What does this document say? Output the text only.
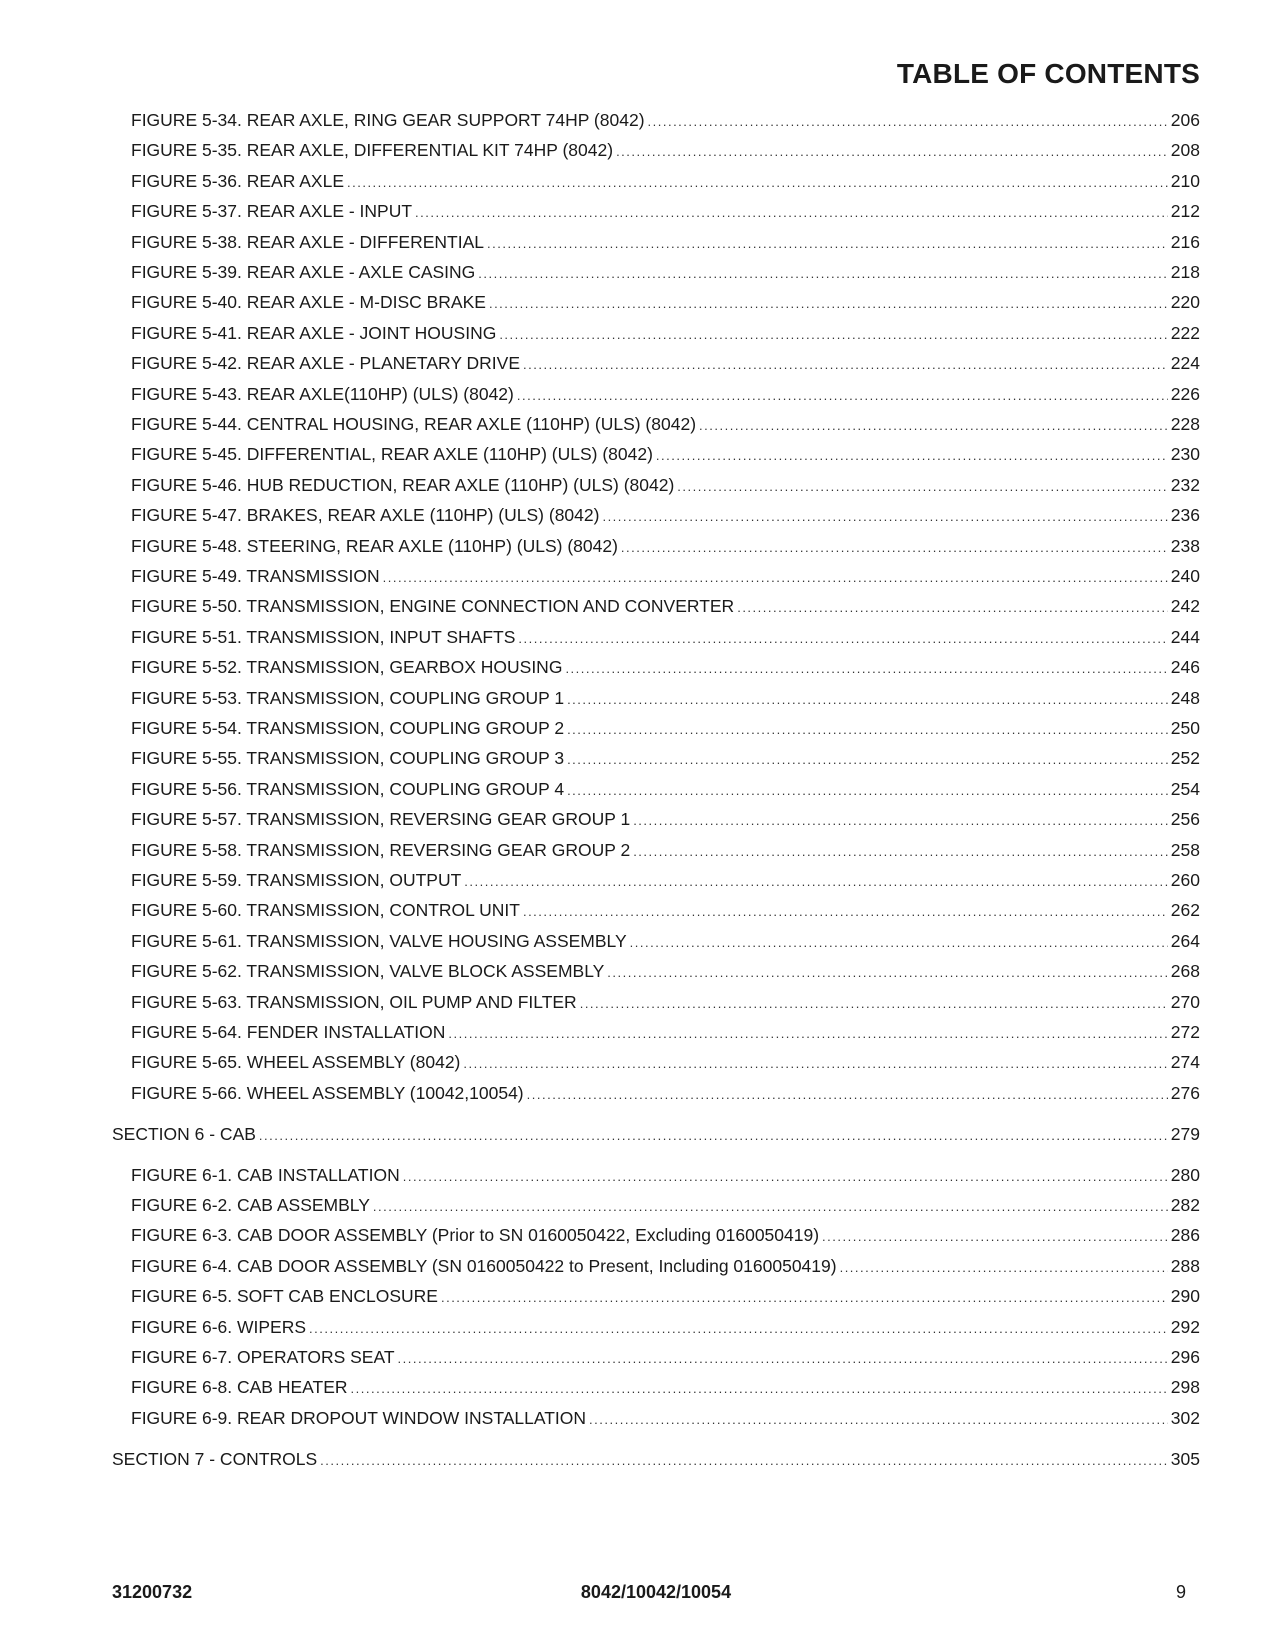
TABLE OF CONTENTS
FIGURE 5-34. REAR AXLE, RING GEAR SUPPORT 74HP (8042) .....	206
FIGURE 5-35. REAR AXLE, DIFFERENTIAL KIT 74HP (8042) .....	208
FIGURE 5-36. REAR AXLE .....	210
FIGURE 5-37. REAR AXLE - INPUT .....	212
FIGURE 5-38. REAR AXLE - DIFFERENTIAL .....	216
FIGURE 5-39. REAR AXLE - AXLE CASING .....	218
FIGURE 5-40. REAR AXLE - M-DISC BRAKE .....	220
FIGURE 5-41. REAR AXLE - JOINT HOUSING .....	222
FIGURE 5-42. REAR AXLE - PLANETARY DRIVE .....	224
FIGURE 5-43. REAR AXLE(110HP) (ULS) (8042) .....	226
FIGURE 5-44. CENTRAL HOUSING, REAR AXLE (110HP) (ULS) (8042) .....	228
FIGURE 5-45. DIFFERENTIAL, REAR AXLE (110HP) (ULS) (8042) .....	230
FIGURE 5-46. HUB REDUCTION, REAR AXLE (110HP) (ULS) (8042) .....	232
FIGURE 5-47. BRAKES, REAR AXLE (110HP) (ULS) (8042) .....	236
FIGURE 5-48. STEERING, REAR AXLE (110HP) (ULS) (8042) .....	238
FIGURE 5-49. TRANSMISSION .....	240
FIGURE 5-50. TRANSMISSION, ENGINE CONNECTION AND CONVERTER .....	242
FIGURE 5-51. TRANSMISSION, INPUT SHAFTS .....	244
FIGURE 5-52. TRANSMISSION, GEARBOX HOUSING .....	246
FIGURE 5-53. TRANSMISSION, COUPLING GROUP 1 .....	248
FIGURE 5-54. TRANSMISSION, COUPLING GROUP 2 .....	250
FIGURE 5-55. TRANSMISSION, COUPLING GROUP 3 .....	252
FIGURE 5-56. TRANSMISSION, COUPLING GROUP 4 .....	254
FIGURE 5-57. TRANSMISSION, REVERSING GEAR GROUP 1 .....	256
FIGURE 5-58. TRANSMISSION, REVERSING GEAR GROUP 2 .....	258
FIGURE 5-59. TRANSMISSION, OUTPUT .....	260
FIGURE 5-60. TRANSMISSION, CONTROL UNIT .....	262
FIGURE 5-61. TRANSMISSION, VALVE HOUSING ASSEMBLY .....	264
FIGURE 5-62. TRANSMISSION, VALVE BLOCK ASSEMBLY .....	268
FIGURE 5-63. TRANSMISSION, OIL PUMP AND FILTER .....	270
FIGURE 5-64. FENDER INSTALLATION .....	272
FIGURE 5-65. WHEEL ASSEMBLY (8042) .....	274
FIGURE 5-66. WHEEL ASSEMBLY (10042,10054) .....	276
SECTION 6 - CAB .....	279
FIGURE 6-1. CAB INSTALLATION .....	280
FIGURE 6-2. CAB ASSEMBLY .....	282
FIGURE 6-3. CAB DOOR ASSEMBLY (Prior to SN 0160050422, Excluding 0160050419) .....	286
FIGURE 6-4. CAB DOOR ASSEMBLY (SN 0160050422 to Present, Including 0160050419) .....	288
FIGURE 6-5. SOFT CAB ENCLOSURE .....	290
FIGURE 6-6. WIPERS .....	292
FIGURE 6-7. OPERATORS SEAT .....	296
FIGURE 6-8. CAB HEATER .....	298
FIGURE 6-9. REAR DROPOUT WINDOW INSTALLATION .....	302
SECTION 7 - CONTROLS .....	305
31200732	8042/10042/10054	9
